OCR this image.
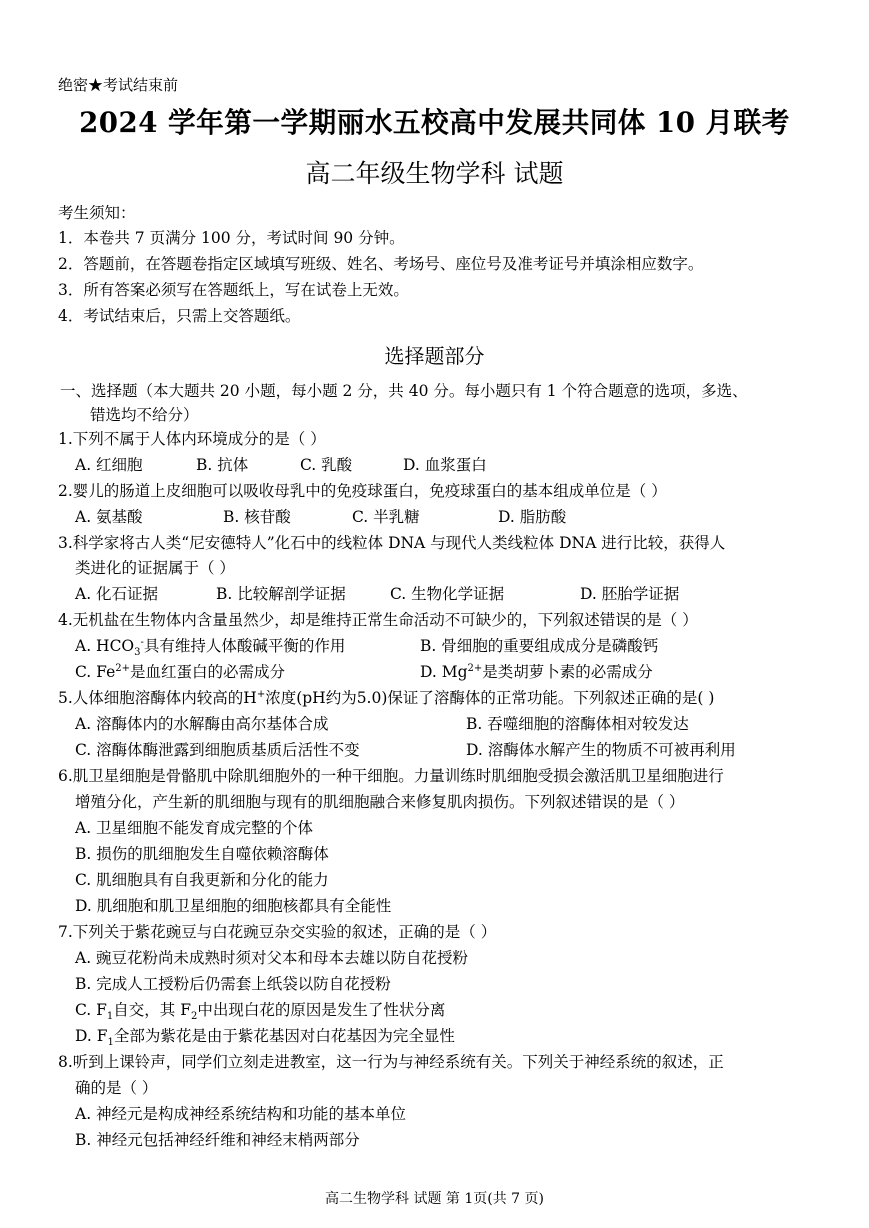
绝密★考试结束前
2024 学年第一学期丽水五校高中发展共同体 10 月联考
高二年级生物学科 试题
考生须知：
1．本卷共 7 页满分 100 分，考试时间 90 分钟。
2．答题前，在答题卷指定区域填写班级、姓名、考场号、座位号及准考证号并填涂相应数字。
3．所有答案必须写在答题纸上，写在试卷上无效。
4．考试结束后，只需上交答题纸。
选择题部分
一、选择题（本大题共 20 小题，每小题 2 分，共 40 分。每小题只有 1 个符合题意的选项，多选、
错选均不给分）
1.下列不属于人体内环境成分的是（ ）
A. 红细胞	B. 抗体	C. 乳酸	D. 血浆蛋白
2.婴儿的肠道上皮细胞可以吸收母乳中的免疫球蛋白，免疫球蛋白的基本组成单位是（ ）
A. 氨基酸	B. 核苷酸	C. 半乳糖	D. 脂肪酸
3.科学家将古人类“尼安德特人”化石中的线粒体 DNA 与现代人类线粒体 DNA 进行比较，获得人
类进化的证据属于（ ）
A. 化石证据	B. 比较解剖学证据	C. 生物化学证据	D. 胚胎学证据
4.无机盐在生物体内含量虽然少，却是维持正常生命活动不可缺少的，下列叙述错误的是（ ）
A. $HCO_3^-$具有维持人体酸碱平衡的作用	B. 骨细胞的重要组成成分是磷酸钙
C. $Fe^{2+}$是血红蛋白的必需成分	D. $Mg^{2+}$是类胡萝卜素的必需成分
5.人体细胞溶酶体内较高的H+浓度(pH约为5.0)保证了溶酶体的正常功能。下列叙述正确的是( )
A. 溶酶体内的水解酶由高尔基体合成	B. 吞噬细胞的溶酶体相对较发达
C. 溶酶体酶泄露到细胞质基质后活性不变	D. 溶酶体水解产生的物质不可被再利用
6.肌卫星细胞是骨骼肌中除肌细胞外的一种干细胞。力量训练时肌细胞受损会激活肌卫星细胞进行
增殖分化，产生新的肌细胞与现有的肌细胞融合来修复肌肉损伤。下列叙述错误的是（ ）
A. 卫星细胞不能发育成完整的个体
B. 损伤的肌细胞发生自噬依赖溶酶体
C. 肌细胞具有自我更新和分化的能力
D. 肌细胞和肌卫星细胞的细胞核都具有全能性
7.下列关于紫花豌豆与白花豌豆杂交实验的叙述，正确的是（ ）
A. 豌豆花粉尚未成熟时须对父本和母本去雄以防自花授粉
B. 完成人工授粉后仍需套上纸袋以防自花授粉
C. $F_1$自交，其 $F_2$中出现白花的原因是发生了性状分离
D. $F_1$全部为紫花是由于紫花基因对白花基因为完全显性
8.听到上课铃声，同学们立刻走进教室，这一行为与神经系统有关。下列关于神经系统的叙述，正
确的是（ ）
A. 神经元是构成神经系统结构和功能的基本单位
B. 神经元包括神经纤维和神经末梢两部分
高二生物学科 试题 第 1页(共 7 页)
